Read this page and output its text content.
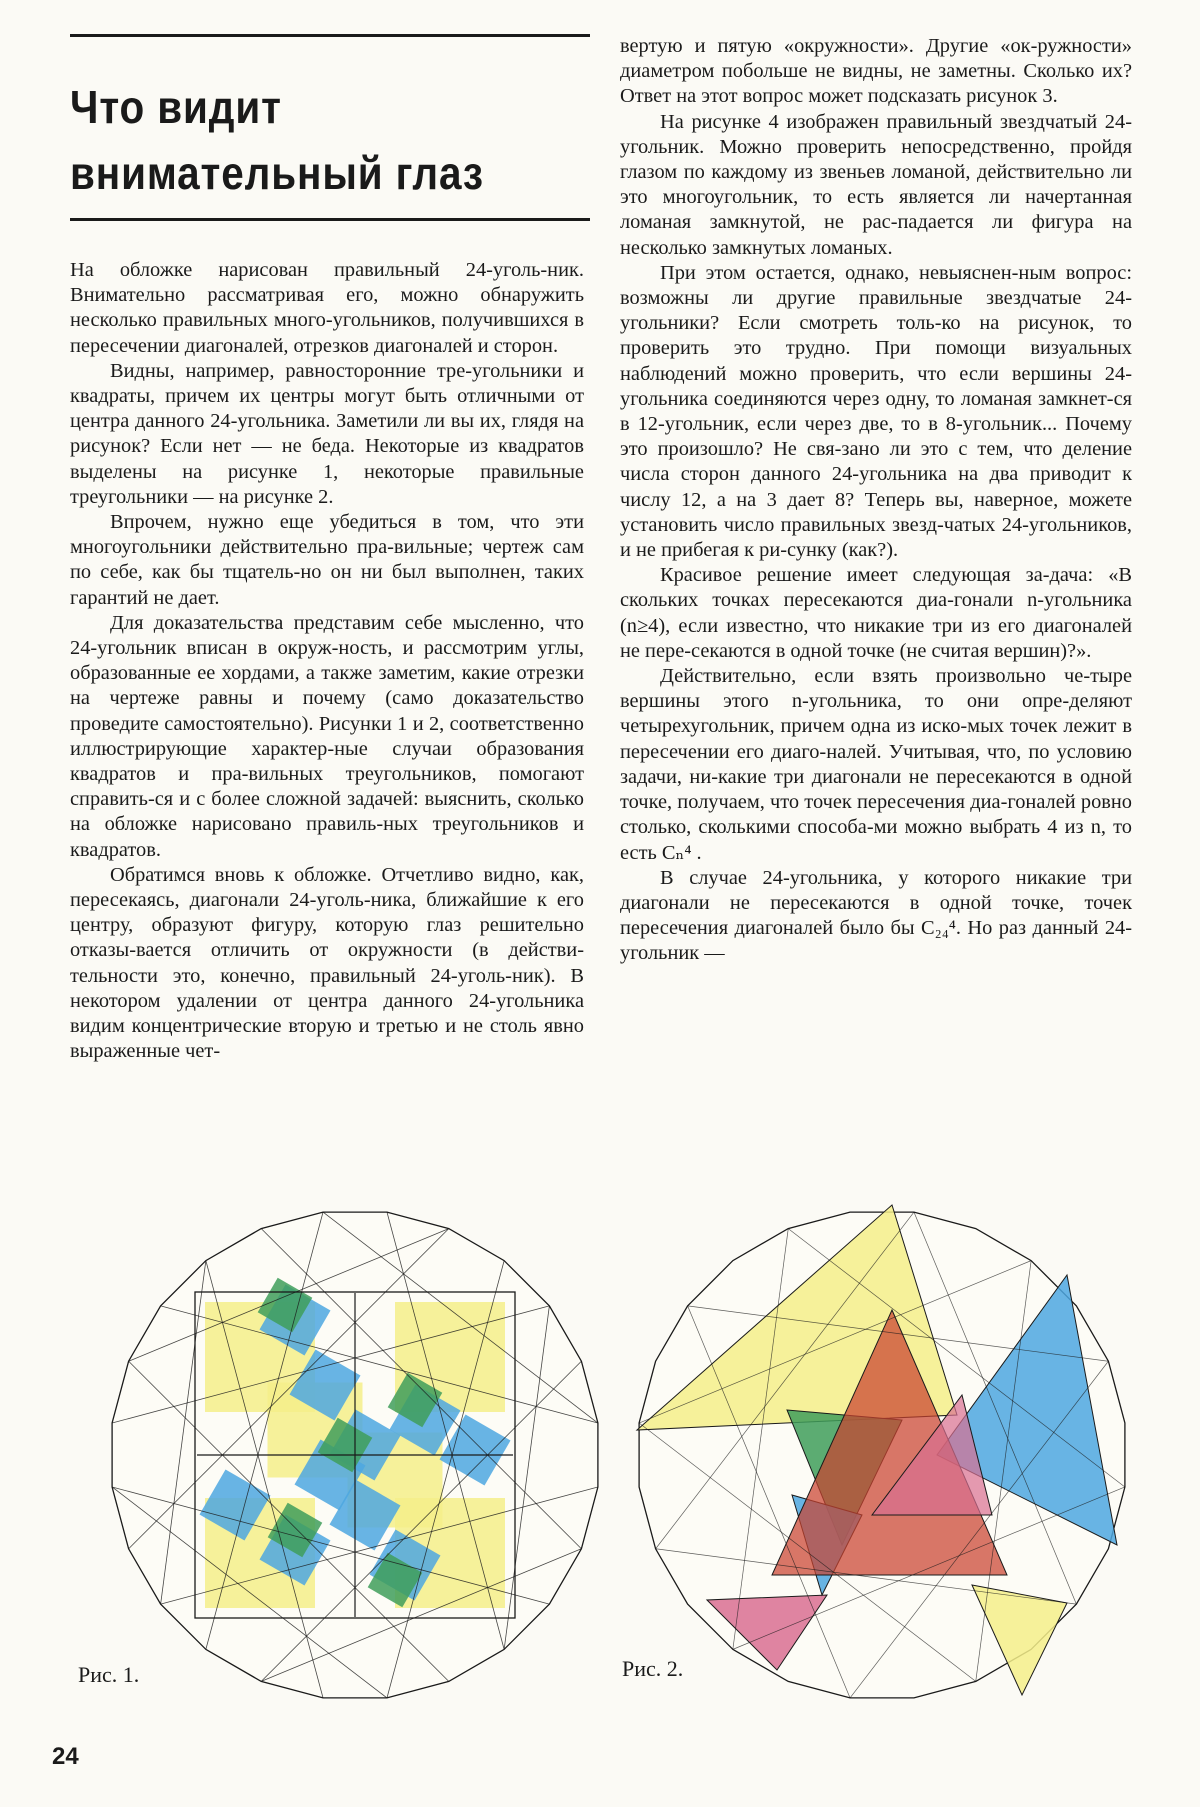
Что видит
внимательный глаз

На обложке нарисован правильный 24-уголь-ник. Внимательно рассматривая его, можно обнаружить несколько правильных много-угольников, получившихся в пересечении диагоналей, отрезков диагоналей и сторон.

Видны, например, равносторонние тре-угольники и квадраты, причем их центры могут быть отличными от центра данного 24-угольника. Заметили ли вы их, глядя на рисунок? Если нет — не беда. Некоторые из квадратов выделены на рисунке 1, некоторые правильные треугольники — на рисунке 2.

Впрочем, нужно еще убедиться в том, что эти многоугольники действительно пра-вильные; чертеж сам по себе, как бы тщатель-но он ни был выполнен, таких гарантий не дает.

Для доказательства представим себе мысленно, что 24-угольник вписан в окруж-ность, и рассмотрим углы, образованные ее хордами, а также заметим, какие отрезки на чертеже равны и почему (само доказательство проведите самостоятельно). Рисунки 1 и 2, соответственно иллюстрирующие характер-ные случаи образования квадратов и пра-вильных треугольников, помогают справить-ся и с более сложной задачей: выяснить, сколько на обложке нарисовано правиль-ных треугольников и квадратов.

Обратимся вновь к обложке. Отчетливо видно, как, пересекаясь, диагонали 24-уголь-ника, ближайшие к его центру, образуют фигуру, которую глаз решительно отказы-вается отличить от окружности (в действи-тельности это, конечно, правильный 24-уголь-ник). В некотором удалении от центра данного 24-угольника видим концентрические вторую и третью и не столь явно выраженные чет-

вертую и пятую «окружности». Другие «ок-ружности» диаметром побольше не видны, не заметны. Сколько их? Ответ на этот вопрос может подсказать рисунок 3.

На рисунке 4 изображен правильный звездчатый 24-угольник. Можно проверить непосредственно, пройдя глазом по каждому из звеньев ломаной, действительно ли это многоугольник, то есть является ли начертанная ломаная замкнутой, не рас-падается ли фигура на несколько замкнутых ломаных.

При этом остается, однако, невыяснен-ным вопрос: возможны ли другие правильные звездчатые 24-угольники? Если смотреть толь-ко на рисунок, то проверить это трудно. При помощи визуальных наблюдений можно проверить, что если вершины 24-угольника соединяются через одну, то ломаная замкнет-ся в 12-угольник, если через две, то в 8-угольник... Почему это произошло? Не свя-зано ли это с тем, что деление числа сторон данного 24-угольника на два приводит к числу 12, а на 3 дает 8? Теперь вы, наверное, можете установить число правильных звезд-чатых 24-угольников, и не прибегая к ри-сунку (как?).

Красивое решение имеет следующая за-дача: «В скольких точках пересекаются диа-гонали n-угольника (n≥4), если известно, что никакие три из его диагоналей не пере-секаются в одной точке (не считая вершин)?».

Действительно, если взять произвольно че-тыре вершины этого n-угольника, то они опре-деляют четырехугольник, причем одна из иско-мых точек лежит в пересечении его диаго-налей. Учитывая, что, по условию задачи, ни-какие три диагонали не пересекаются в одной точке, получаем, что точек пересечения диа-гоналей ровно столько, сколькими способа-ми можно выбрать 4 из n, то есть Cₙ⁴ .

В случае 24-угольника, у которого никакие три диагонали не пересекаются в одной точке, точек пересечения диагоналей было бы C₂₄⁴. Но раз данный 24-угольник —

Рис. 1.	Рис. 2.
24
